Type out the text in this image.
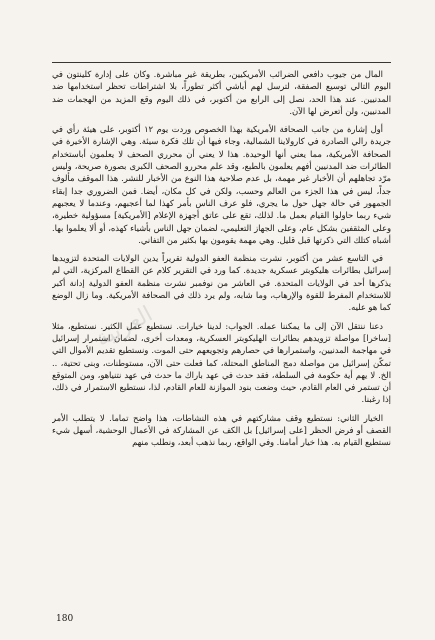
المال من جيوب دافعي الضرائب الأمريكيين، بطريقة غير مباشرة. وكان على إدارة كلينتون في اليوم التالي توسيع الصفقة، لترسل لهم أباشي أكثر تطوراً، بلا اشتراطات تحظر استخدامها ضد المدنيين. عند هذا الحد، نصل إلى الرابع من أكتوبر، في ذلك اليوم وقع المزيد من الهجمات ضد المدنيين، ولن أتعرض لها الآن.

أول إشارة من جانب الصحافة الأمريكية بهذا الخصوص وردت يوم ١٢ أكتوبر، على هيئة رأي في جريدة رالي الصادرة في كارولاينا الشمالية، وجاء فيها أن تلك فكرة سيئة. وهي الإشارة الأخيرة في الصحافة الأمريكية، مما يعني أنها الوحيدة. هذا لا يعني أن محرري الصحف لا يعلمون أباستخدام الطائرات ضد المدنيين أفهم يعلمون بالطبع، وقد علم محررو الصحف الكبرى بصورة صريحة، وليس مرّد تجاهلهم أن الأخبار غير مهمة، بل عدم صلاحية هذا النوع من الأخبار للنشر. هذا الموقف مألوف جداً، ليس في هذا الجزء من العالم وحسب، ولكن في كل مكان، أيضا. فمن الضروري جدا إبقاء الجمهور في حالة جهل حول ما يجري، فلو عرف الناس بأمر كهذا لما أعجبهم، وعندما لا يعجبهم شيء ربما حاولوا القيام بعمل ما. لذلك، تقع على عاتق أجهزة الإعلام [الأمريكية] مسؤولية خطيرة، وعلى المثقفين بشكل عام، وعلى الجهاز التعليمي، لضمان جهل الناس بأشياء كهذه، أو ألا يعلموا بها. أشباه كتلك التي ذكرتها قبل قليل. وهي مهمة يقومون بها بكثير من التفاني.

في التاسع عشر من أكتوبر، نشرت منظمة العفو الدولية تقريراً يدين الولايات المتحدة لتزويدها إسرائيل بطائرات هليكوبتر عسكرية جديدة. كما ورد في التقرير كلام عن القطاع المركزية، التي لم يذكرها أحد في الولايات المتحدة. في العاشر من نوفمبر نشرت منظمة العفو الدولية إدانة أكبر للاستخدام المفرط للقوة والإرهاب، وما شابه، ولم يرد ذلك في الصحافة الأمريكية. وما زال الوضع كما هو عليه.

دعنا ننتقل الآن إلى ما يمكننا عمله. الجواب: لدينا خيارات. نستطيع عمل الكثير. نستطيع، مثلا [ساخرا] مواصلة تزويدهم بطائرات الهليكوبتر العسكرية، ومعدات أخرى، لضمان استمرار إسرائيل في مهاجمة المدنيين، واستمرارها في حصارهم وتجويعهم حتى الموت. ونستطيع تقديم الأموال التي تمكّن إسرائيل من مواصلة دمج المناطق المحتلة، كما فعلت حتى الآن، مستوطنات، وبنى تحتية، .. الخ. لا يهم أية حكومة في السلطة، فقد حدث في عهد باراك ما حدث في عهد نتنياهو، ومن المتوقع أن تستمر في العام القادم، حيث وضعت بنود الموازنة للعام القادم، لذا، نستطيع الاستمرار في ذلك، إذا رغبنا.

الخيار الثاني: نستطيع وقف مشاركتهم في هذه النشاطات، هذا واضح تماما. لا يتطلب الأمر القصف أو فرض الحظر [على إسرائيل] بل الكف عن المشاركة في الأعمال الوحشية، أسهل شيء نستطيع القيام به. هذا خيار أمامنا. وفي الواقع، ربما نذهب أبعد، ونطلب منهم

العربية
180
